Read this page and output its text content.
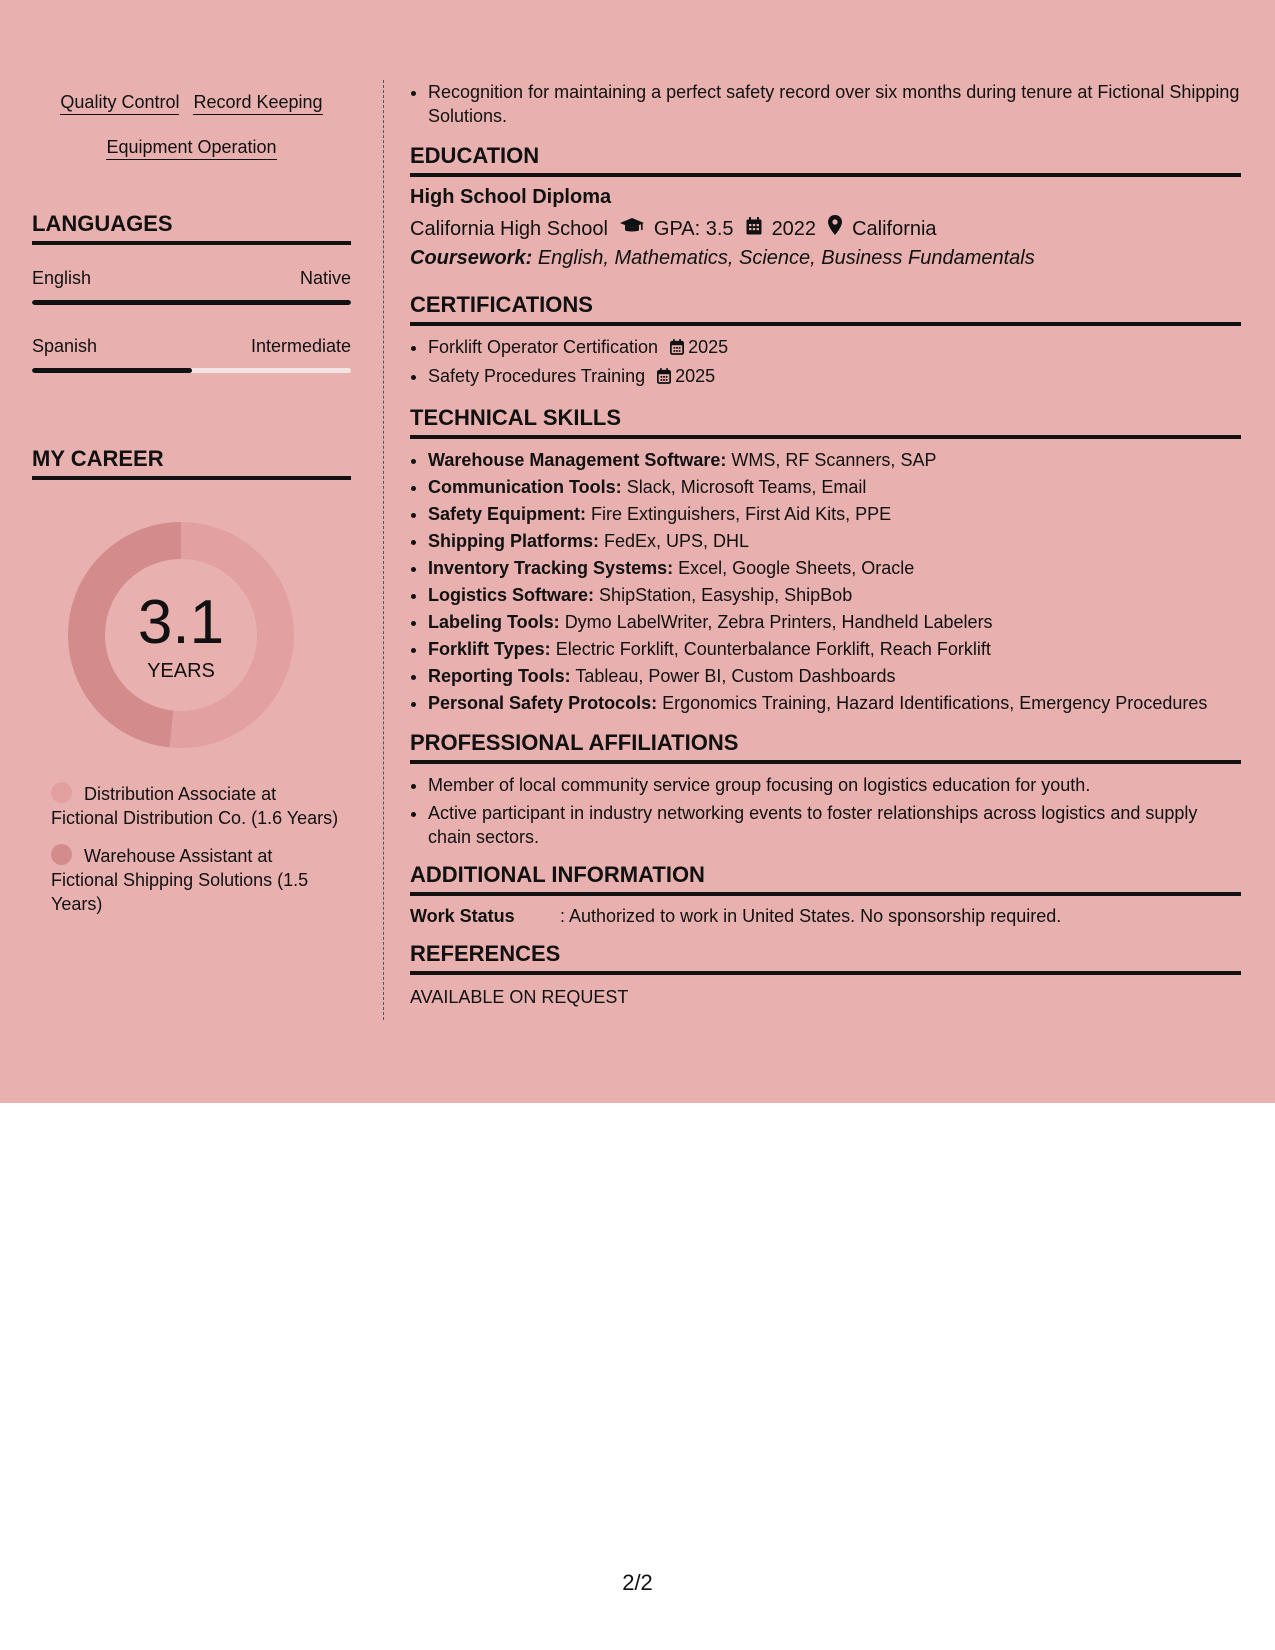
Quality Control Record Keeping
Equipment Operation
LANGUAGES
English	Native
Spanish	Intermediate
MY CAREER
3.1
YEARS
Distribution Associate at Fictional Distribution Co. (1.6 Years)
Warehouse Assistant at Fictional Shipping Solutions (1.5 Years)
• Recognition for maintaining a perfect safety record over six months during tenure at Fictional Shipping Solutions.
EDUCATION
High School Diploma
California High School GPA: 3.5 2022 California
Coursework: English, Mathematics, Science, Business Fundamentals
CERTIFICATIONS
• Forklift Operator Certification 2025
• Safety Procedures Training 2025
TECHNICAL SKILLS
• Warehouse Management Software: WMS, RF Scanners, SAP
• Communication Tools: Slack, Microsoft Teams, Email
• Safety Equipment: Fire Extinguishers, First Aid Kits, PPE
• Shipping Platforms: FedEx, UPS, DHL
• Inventory Tracking Systems: Excel, Google Sheets, Oracle
• Logistics Software: ShipStation, Easyship, ShipBob
• Labeling Tools: Dymo LabelWriter, Zebra Printers, Handheld Labelers
• Forklift Types: Electric Forklift, Counterbalance Forklift, Reach Forklift
• Reporting Tools: Tableau, Power BI, Custom Dashboards
• Personal Safety Protocols: Ergonomics Training, Hazard Identifications, Emergency Procedures
PROFESSIONAL AFFILIATIONS
• Member of local community service group focusing on logistics education for youth.
• Active participant in industry networking events to foster relationships across logistics and supply chain sectors.
ADDITIONAL INFORMATION
Work Status	: Authorized to work in United States. No sponsorship required.
REFERENCES
AVAILABLE ON REQUEST
2/2
